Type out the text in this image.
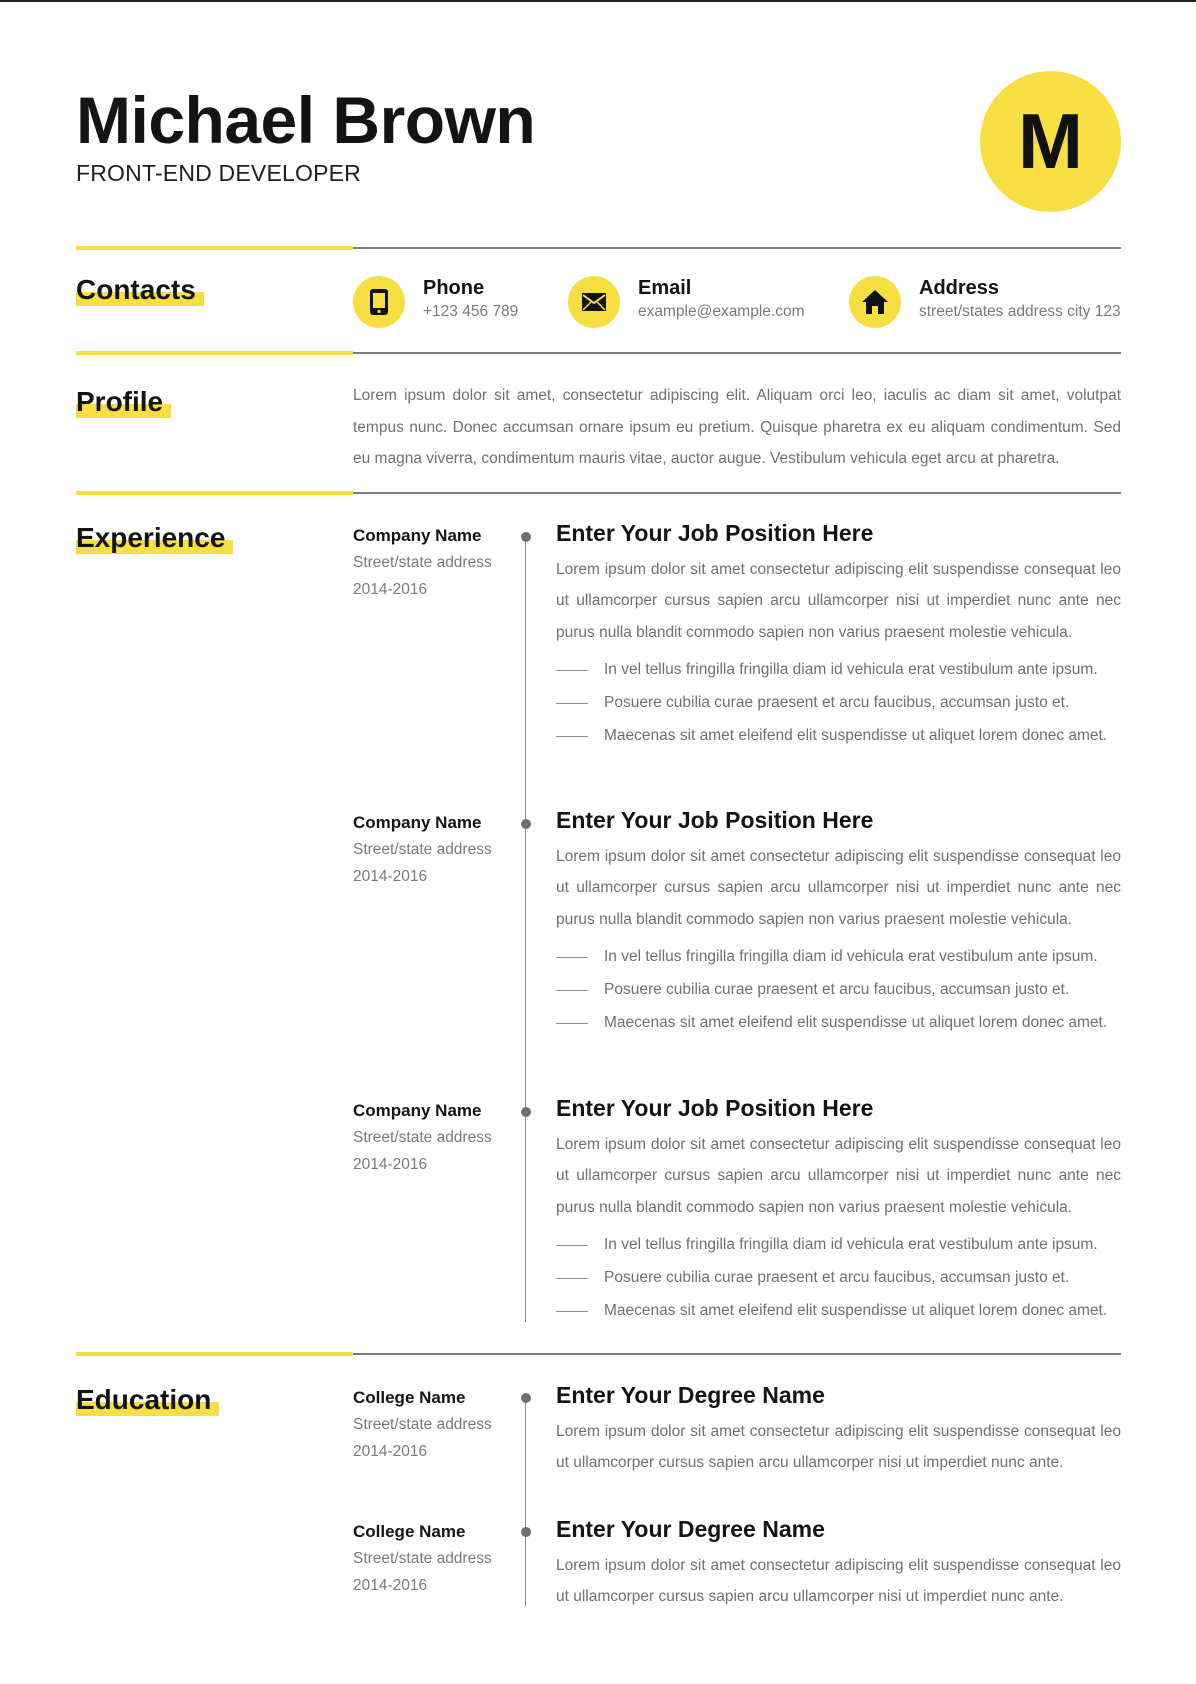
Michael Brown
FRONT-END DEVELOPER	M
Contacts	Phone
+123 456 789
Email
example@example.com
Address
street/states address city 123
Profile	Lorem ipsum dolor sit amet, consectetur adipiscing elit. Aliquam orci leo, iaculis ac diam sit amet, volutpat tempus nunc. Donec accumsan ornare ipsum eu pretium. Quisque pharetra ex eu aliquam condimentum. Sed eu magna viverra, condimentum mauris vitae, auctor augue. Vestibulum vehicula eget arcu at pharetra.
Experience	Company Name
Street/state address
2014-2016
Enter Your Job Position Here
Lorem ipsum dolor sit amet consectetur adipiscing elit suspendisse consequat leo ut ullamcorper cursus sapien arcu ullamcorper nisi ut imperdiet nunc ante nec purus nulla blandit commodo sapien non varius praesent molestie vehicula.
In vel tellus fringilla fringilla diam id vehicula erat vestibulum ante ipsum.
Posuere cubilia curae praesent et arcu faucibus, accumsan justo et.
Maecenas sit amet eleifend elit suspendisse ut aliquet lorem donec amet.
Company Name
Street/state address
2014-2016
Enter Your Job Position Here
Lorem ipsum dolor sit amet consectetur adipiscing elit suspendisse consequat leo ut ullamcorper cursus sapien arcu ullamcorper nisi ut imperdiet nunc ante nec purus nulla blandit commodo sapien non varius praesent molestie vehicula.
In vel tellus fringilla fringilla diam id vehicula erat vestibulum ante ipsum.
Posuere cubilia curae praesent et arcu faucibus, accumsan justo et.
Maecenas sit amet eleifend elit suspendisse ut aliquet lorem donec amet.
Company Name
Street/state address
2014-2016
Enter Your Job Position Here
Lorem ipsum dolor sit amet consectetur adipiscing elit suspendisse consequat leo ut ullamcorper cursus sapien arcu ullamcorper nisi ut imperdiet nunc ante nec purus nulla blandit commodo sapien non varius praesent molestie vehicula.
In vel tellus fringilla fringilla diam id vehicula erat vestibulum ante ipsum.
Posuere cubilia curae praesent et arcu faucibus, accumsan justo et.
Maecenas sit amet eleifend elit suspendisse ut aliquet lorem donec amet.
Education	College Name
Street/state address
2014-2016
Enter Your Degree Name
Lorem ipsum dolor sit amet consectetur adipiscing elit suspendisse consequat leo ut ullamcorper cursus sapien arcu ullamcorper nisi ut imperdiet nunc ante.
College Name
Street/state address
2014-2016
Enter Your Degree Name
Lorem ipsum dolor sit amet consectetur adipiscing elit suspendisse consequat leo ut ullamcorper cursus sapien arcu ullamcorper nisi ut imperdiet nunc ante.
